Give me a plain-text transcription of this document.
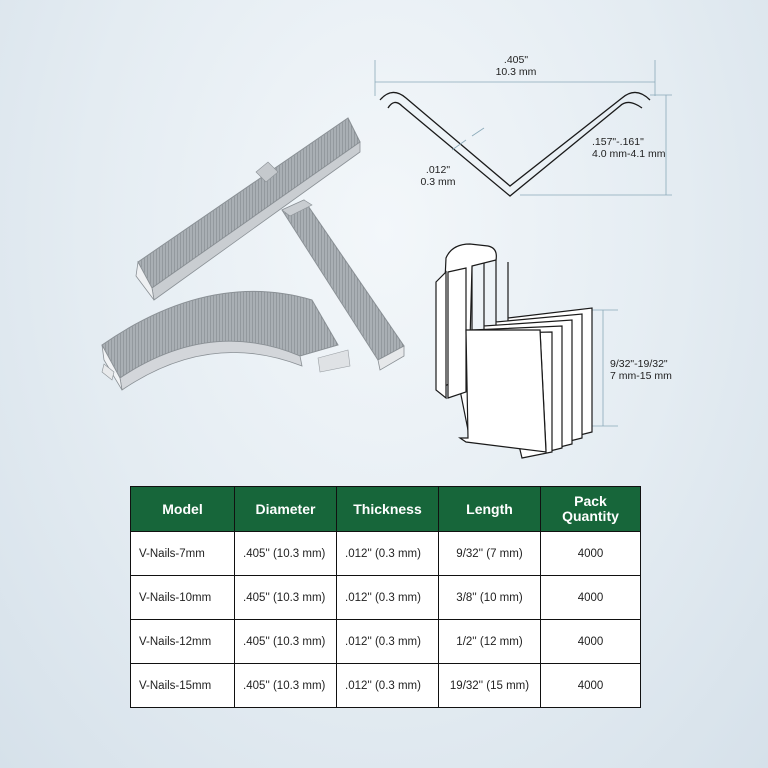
.405"
10.3 mm
.012"
0.3 mm
.157"-.161"
4.0 mm-4.1 mm
9/32"-19/32"
7 mm-15 mm
Model	Diameter	Thickness	Length	Pack
Quantity
V-Nails-7mm	.405'' (10.3 mm)	.012'' (0.3 mm)	9/32'' (7 mm)	4000
V-Nails-10mm	.405'' (10.3 mm)	.012'' (0.3 mm)	3/8'' (10 mm)	4000
V-Nails-12mm	.405'' (10.3 mm)	.012'' (0.3 mm)	1/2'' (12 mm)	4000
V-Nails-15mm	.405'' (10.3 mm)	.012'' (0.3 mm)	19/32'' (15 mm)	4000
